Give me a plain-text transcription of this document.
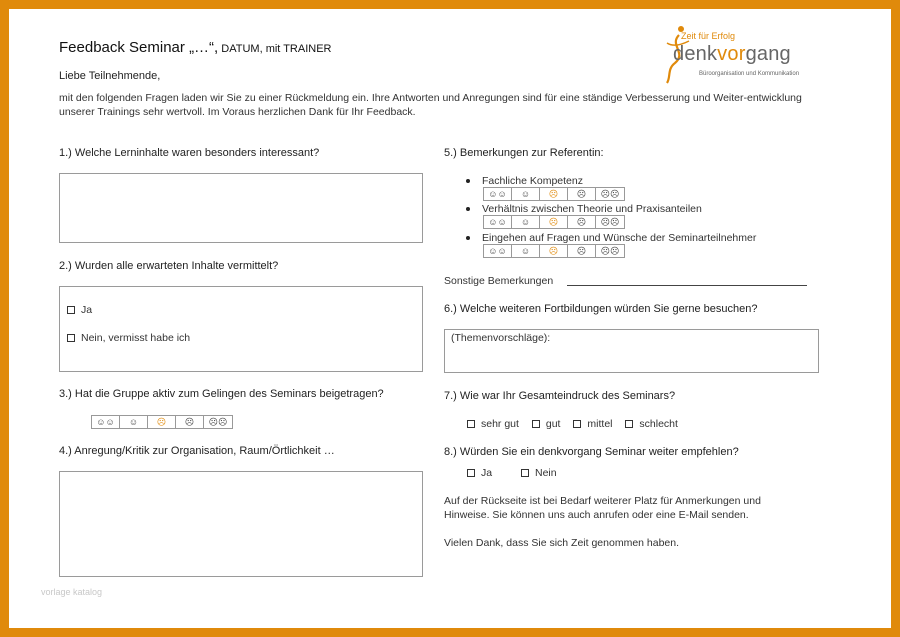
Feedback Seminar „…“, DATUM, mit TRAINER
Zeit für Erfolg
denkvorgang
Büroorganisation und Kommunikation
Liebe Teilnehmende,
mit den folgenden Fragen laden wir Sie zu einer Rückmeldung ein. Ihre Antworten und Anregungen sind für eine ständige Verbesserung und Weiter-entwicklung unserer Trainings sehr wertvoll. Im Voraus herzlichen Dank für Ihr Feedback.
1.) Welche Lerninhalte waren besonders interessant?
2.) Wurden alle erwarteten Inhalte vermittelt?
Ja
Nein, vermisst habe ich
3.) Hat die Gruppe aktiv zum Gelingen des Seminars beigetragen?
☺☺	☺	☹	☹	☹☹
4.) Anregung/Kritik zur Organisation, Raum/Örtlichkeit …
vorlage katalog
5.) Bemerkungen zur Referentin:
Fachliche Kompetenz
☺☺	☺	☹	☹	☹☹
Verhältnis zwischen Theorie und Praxisanteilen
☺☺	☺	☹	☹	☹☹
Eingehen auf Fragen und Wünsche der Seminarteilnehmer
☺☺	☺	☹	☹	☹☹
Sonstige Bemerkungen
6.) Welche weiteren Fortbildungen würden Sie gerne besuchen?
(Themenvorschläge):
7.) Wie war Ihr Gesamteindruck des Seminars?
sehr gut	gut	mittel	schlecht
8.) Würden Sie ein denkvorgang Seminar weiter empfehlen?
Ja	Nein
Auf der Rückseite ist bei Bedarf weiterer Platz für Anmerkungen und Hinweise. Sie können uns auch anrufen oder eine E-Mail senden.
Vielen Dank, dass Sie sich Zeit genommen haben.
